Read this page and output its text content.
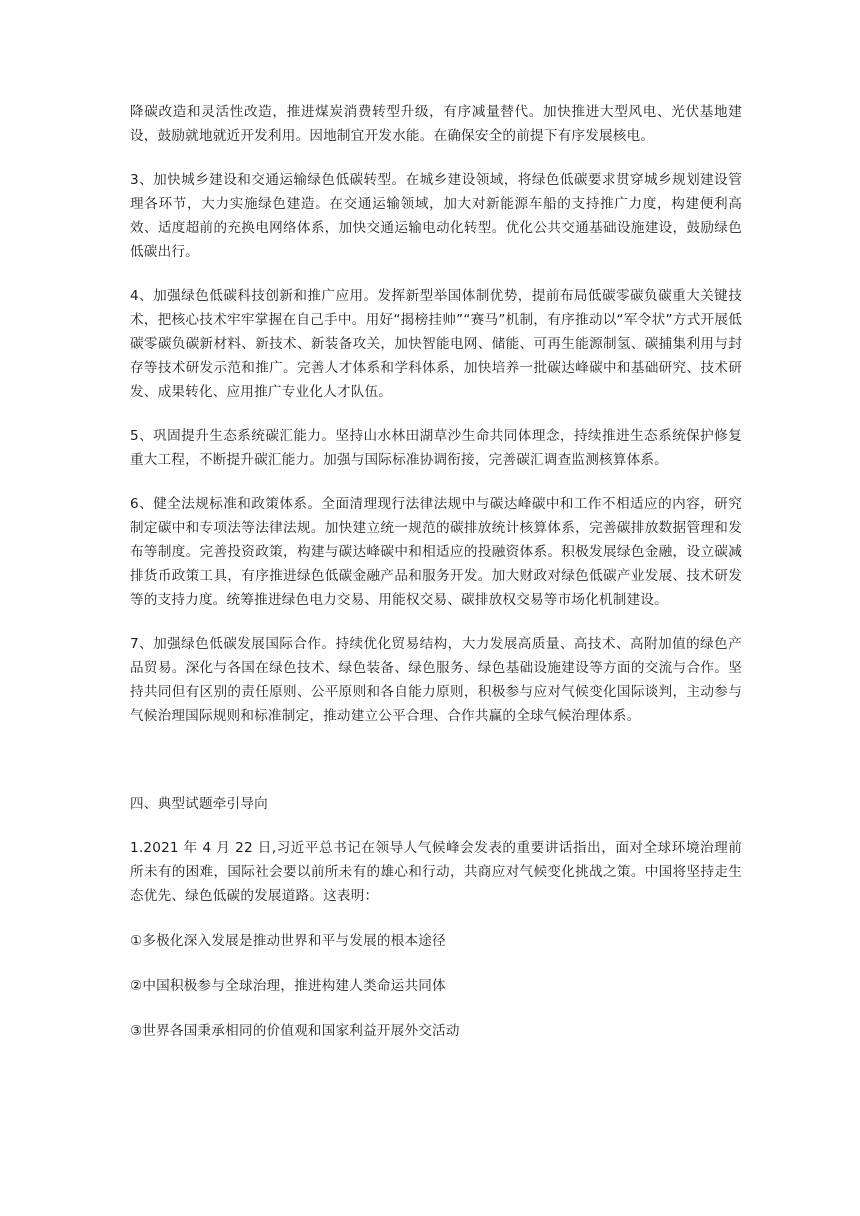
降碳改造和灵活性改造，推进煤炭消费转型升级，有序减量替代。加快推进大型风电、光伏基地建设，鼓励就地就近开发利用。因地制宜开发水能。在确保安全的前提下有序发展核电。

3、加快城乡建设和交通运输绿色低碳转型。在城乡建设领域，将绿色低碳要求贯穿城乡规划建设管理各环节，大力实施绿色建造。在交通运输领域，加大对新能源车船的支持推广力度，构建便利高效、适度超前的充换电网络体系，加快交通运输电动化转型。优化公共交通基础设施建设，鼓励绿色低碳出行。

4、加强绿色低碳科技创新和推广应用。发挥新型举国体制优势，提前布局低碳零碳负碳重大关键技术，把核心技术牢牢掌握在自己手中。用好“揭榜挂帅”“赛马”机制，有序推动以“军令状”方式开展低碳零碳负碳新材料、新技术、新装备攻关，加快智能电网、储能、可再生能源制氢、碳捕集利用与封存等技术研发示范和推广。完善人才体系和学科体系，加快培养一批碳达峰碳中和基础研究、技术研发、成果转化、应用推广专业化人才队伍。

5、巩固提升生态系统碳汇能力。坚持山水林田湖草沙生命共同体理念，持续推进生态系统保护修复重大工程，不断提升碳汇能力。加强与国际标准协调衔接，完善碳汇调查监测核算体系。

6、健全法规标准和政策体系。全面清理现行法律法规中与碳达峰碳中和工作不相适应的内容，研究制定碳中和专项法等法律法规。加快建立统一规范的碳排放统计核算体系，完善碳排放数据管理和发布等制度。完善投资政策，构建与碳达峰碳中和相适应的投融资体系。积极发展绿色金融，设立碳减排货币政策工具，有序推进绿色低碳金融产品和服务开发。加大财政对绿色低碳产业发展、技术研发等的支持力度。统筹推进绿色电力交易、用能权交易、碳排放权交易等市场化机制建设。

7、加强绿色低碳发展国际合作。持续优化贸易结构，大力发展高质量、高技术、高附加值的绿色产品贸易。深化与各国在绿色技术、绿色装备、绿色服务、绿色基础设施建设等方面的交流与合作。坚持共同但有区别的责任原则、公平原则和各自能力原则，积极参与应对气候变化国际谈判，主动参与气候治理国际规则和标准制定，推动建立公平合理、合作共赢的全球气候治理体系。

四、典型试题牵引导向

1.2021 年 4 月 22 日,习近平总书记在领导人气候峰会发表的重要讲话指出，面对全球环境治理前所未有的困难，国际社会要以前所未有的雄心和行动，共商应对气候变化挑战之策。中国将坚持走生态优先、绿色低碳的发展道路。这表明：

①多极化深入发展是推动世界和平与发展的根本途径

②中国积极参与全球治理，推进构建人类命运共同体

③世界各国秉承相同的价值观和国家利益开展外交活动
